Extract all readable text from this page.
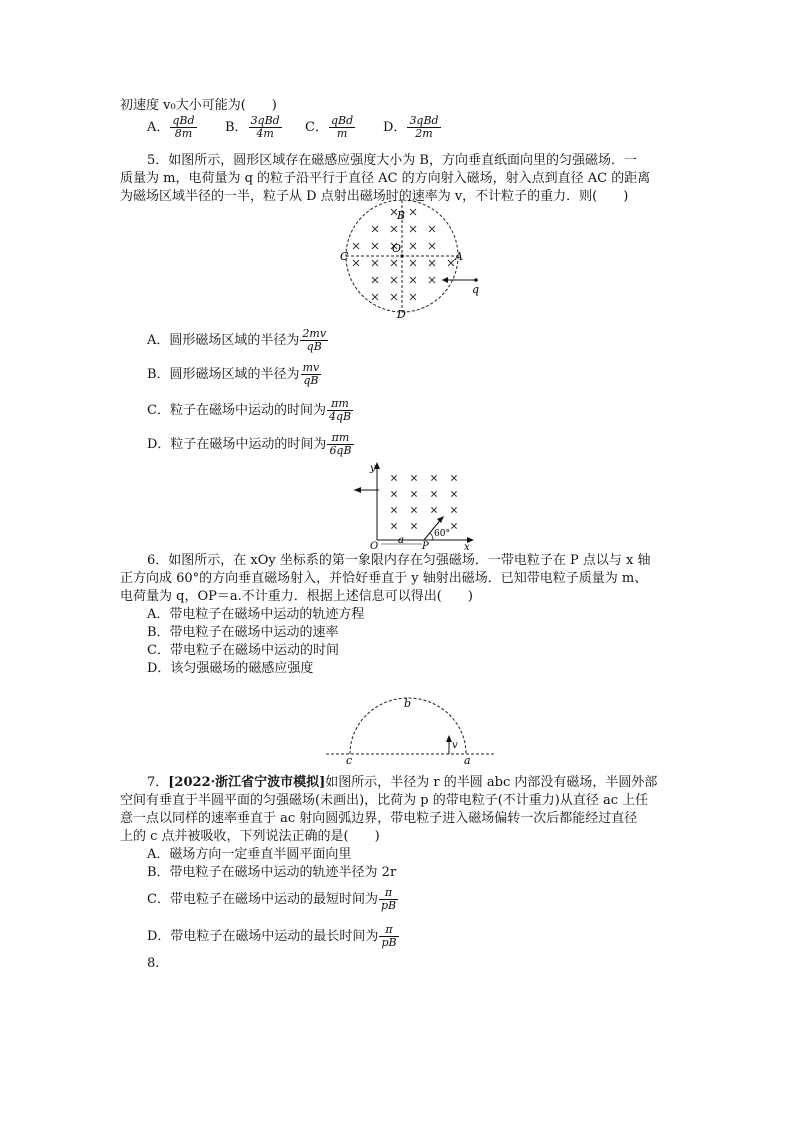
初速度 v₀大小可能为(　　)
A． $\frac{\text{qBd}}{8m}$ B． $\frac{\text{3qBd}}{4m}$ C． $\frac{\text{qBd}}{m}$ D． $\frac{\text{3qBd}}{2m}$
5．如图所示，圆形区域存在磁感应强度大小为 B，方向垂直纸面向里的匀强磁场．一
质量为 m，电荷量为 q 的粒子沿平行于直径 AC 的方向射入磁场，射入点到直径 AC 的距离
为磁场区域半径的一半，粒子从 D 点射出磁场时的速率为 v，不计粒子的重力．则(　　)
B
C
O
A
D
q
A．圆形磁场区域的半径为 $\frac{2mv}{qB}$
B．圆形磁场区域的半径为 $\frac{mv}{qB}$
C．粒子在磁场中运动的时间为 $\frac{\pi m}{4qB}$
D．粒子在磁场中运动的时间为 $\frac{\pi m}{6qB}$
y
x
O
a
P
60°
6．如图所示，在 xOy 坐标系的第一象限内存在匀强磁场．一带电粒子在 P 点以与 x 轴
正方向成 60°的方向垂直磁场射入，并恰好垂直于 y 轴射出磁场．已知带电粒子质量为 m、
电荷量为 q，OP＝a.不计重力．根据上述信息可以得出(　　)
A．带电粒子在磁场中运动的轨迹方程
B．带电粒子在磁场中运动的速率
C．带电粒子在磁场中运动的时间
D．该匀强磁场的磁感应强度
b
c	a
v
7．[2022·浙江省宁波市模拟]如图所示，半径为 r 的半圆 abc 内部没有磁场，半圆外部
空间有垂直于半圆平面的匀强磁场(未画出)，比荷为 p 的带电粒子(不计重力)从直径 ac 上任
意一点以同样的速率垂直于 ac 射向圆弧边界，带电粒子进入磁场偏转一次后都能经过直径
上的 c 点并被吸收，下列说法正确的是(　　)
A．磁场方向一定垂直半圆平面向里
B．带电粒子在磁场中运动的轨迹半径为 2r
C．带电粒子在磁场中运动的最短时间为 $\frac{\pi}{pB}$
D．带电粒子在磁场中运动的最长时间为 $\frac{\pi}{pB}$
8.
